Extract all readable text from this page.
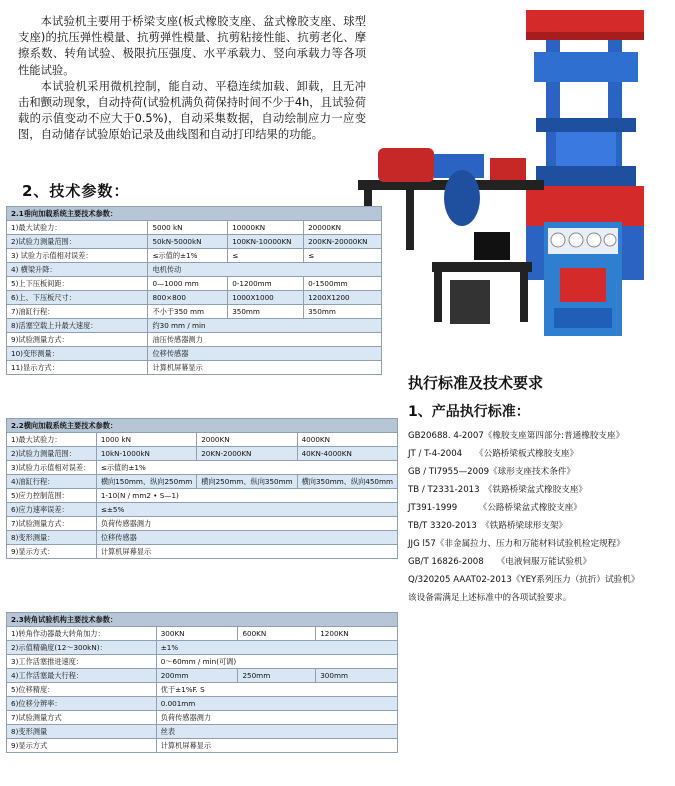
本试验机主要用于桥梁支座(板式橡胶支座、盆式橡胶支座、球型支座)的抗压弹性模量、抗剪弹性模量、抗剪粘接性能、抗剪老化、摩擦系数、转角试验、极限抗压强度、水平承载力、竖向承载力等各项性能试验。

本试验机采用微机控制，能自动、平稳连续加载、卸载，且无冲击和颤动现象，自动持荷(试验机满负荷保持时间不少于4h，且试验荷载的示值变动不应大于0.5%)，自动采集数据，自动绘制应力一应变图，自动储存试验原始记录及曲线图和自动打印结果的功能。

2、技术参数：
2.1垂向加载系统主要技术参数：			
1)最大试验力：	5000 kN	10000KN	20000KN
2)试验力测量范围：	50kN-5000kN	100KN-10000KN	200KN-20000KN
3) 试验力示值相对误差：	≤示值的±1%	≤	≤
4) 横梁升降：	电机传动		
5)上下压板间距：	0—1000 mm	0-1200mm	0-1500mm
6)上、下压板尺寸：	800×800	1000X1000	1200X1200
7)油缸行程：	不小于350 mm	350mm	350mm
8)活塞空载上升最大速度：	约30 mm / min		
9)试验测量方式：	油压传感器测力		
10)变形测量：	位移传感器		
11)显示方式：	计算机屏幕显示		
2.2横向加载系统主要技术参数：			
1)最大试验力：	1000 kN	2000KN	4000KN
2)试验力测量范围：	10kN-1000kN	20KN-2000KN	40KN-4000KN
3)试验力示值相对误差：	≤示值的±1%		
4)油缸行程：	横向150mm、纵向250mm	横向250mm、纵向350mm	横向350mm、纵向450mm
5)应力控制范围：	1-10(N / mm2 • S—1)		
6)应力速率误差：	≤±5%		
7)试验测量方式：	负荷传感器测力		
8)变形测量：	位移传感器		
9)显示方式：	计算机屏幕显示		
2.3转角试验机构主要技术参数：			
1)转角作动器最大转角加力：	300KN	600KN	1200KN
2)示值精确度(12～300kN)：	±1%		
3)工作活塞推进速度：	0～60mm / min(可调)		
4)工作活塞最大行程：	200mm	250mm	300mm
5)位移精度：	优于±1%F. S		
6)位移分辨率：	0.001mm		
7)试验测量方式	负荷传感器测力		
8)变形测量	丝表		
9)显示方式	计算机屏幕显示		
执行标准及技术要求
1、产品执行标准：
GB20688. 4-2007《橡胶支座第四部分:普通橡胶支座》
JT / T-4-2004　　《公路桥梁板式橡胶支座》
GB / TI7955—2009《球形支座技术条件》
TB / T2331-2013　《铁路桥梁盆式橡胶支座》
JT391-1999　　　《公路桥梁盆式橡胶支座》
TB/T 3320-2013　《铁路桥梁球形支架》
JJG l57《非金属拉力、压力和万能材料试验机检定规程》
GB/T 16826-2008　　《电液伺服万能试验机》
Q/320205 AAAT02-2013《YEY系列压力（抗折）试验机》
该设备需满足上述标准中的各项试验要求。
